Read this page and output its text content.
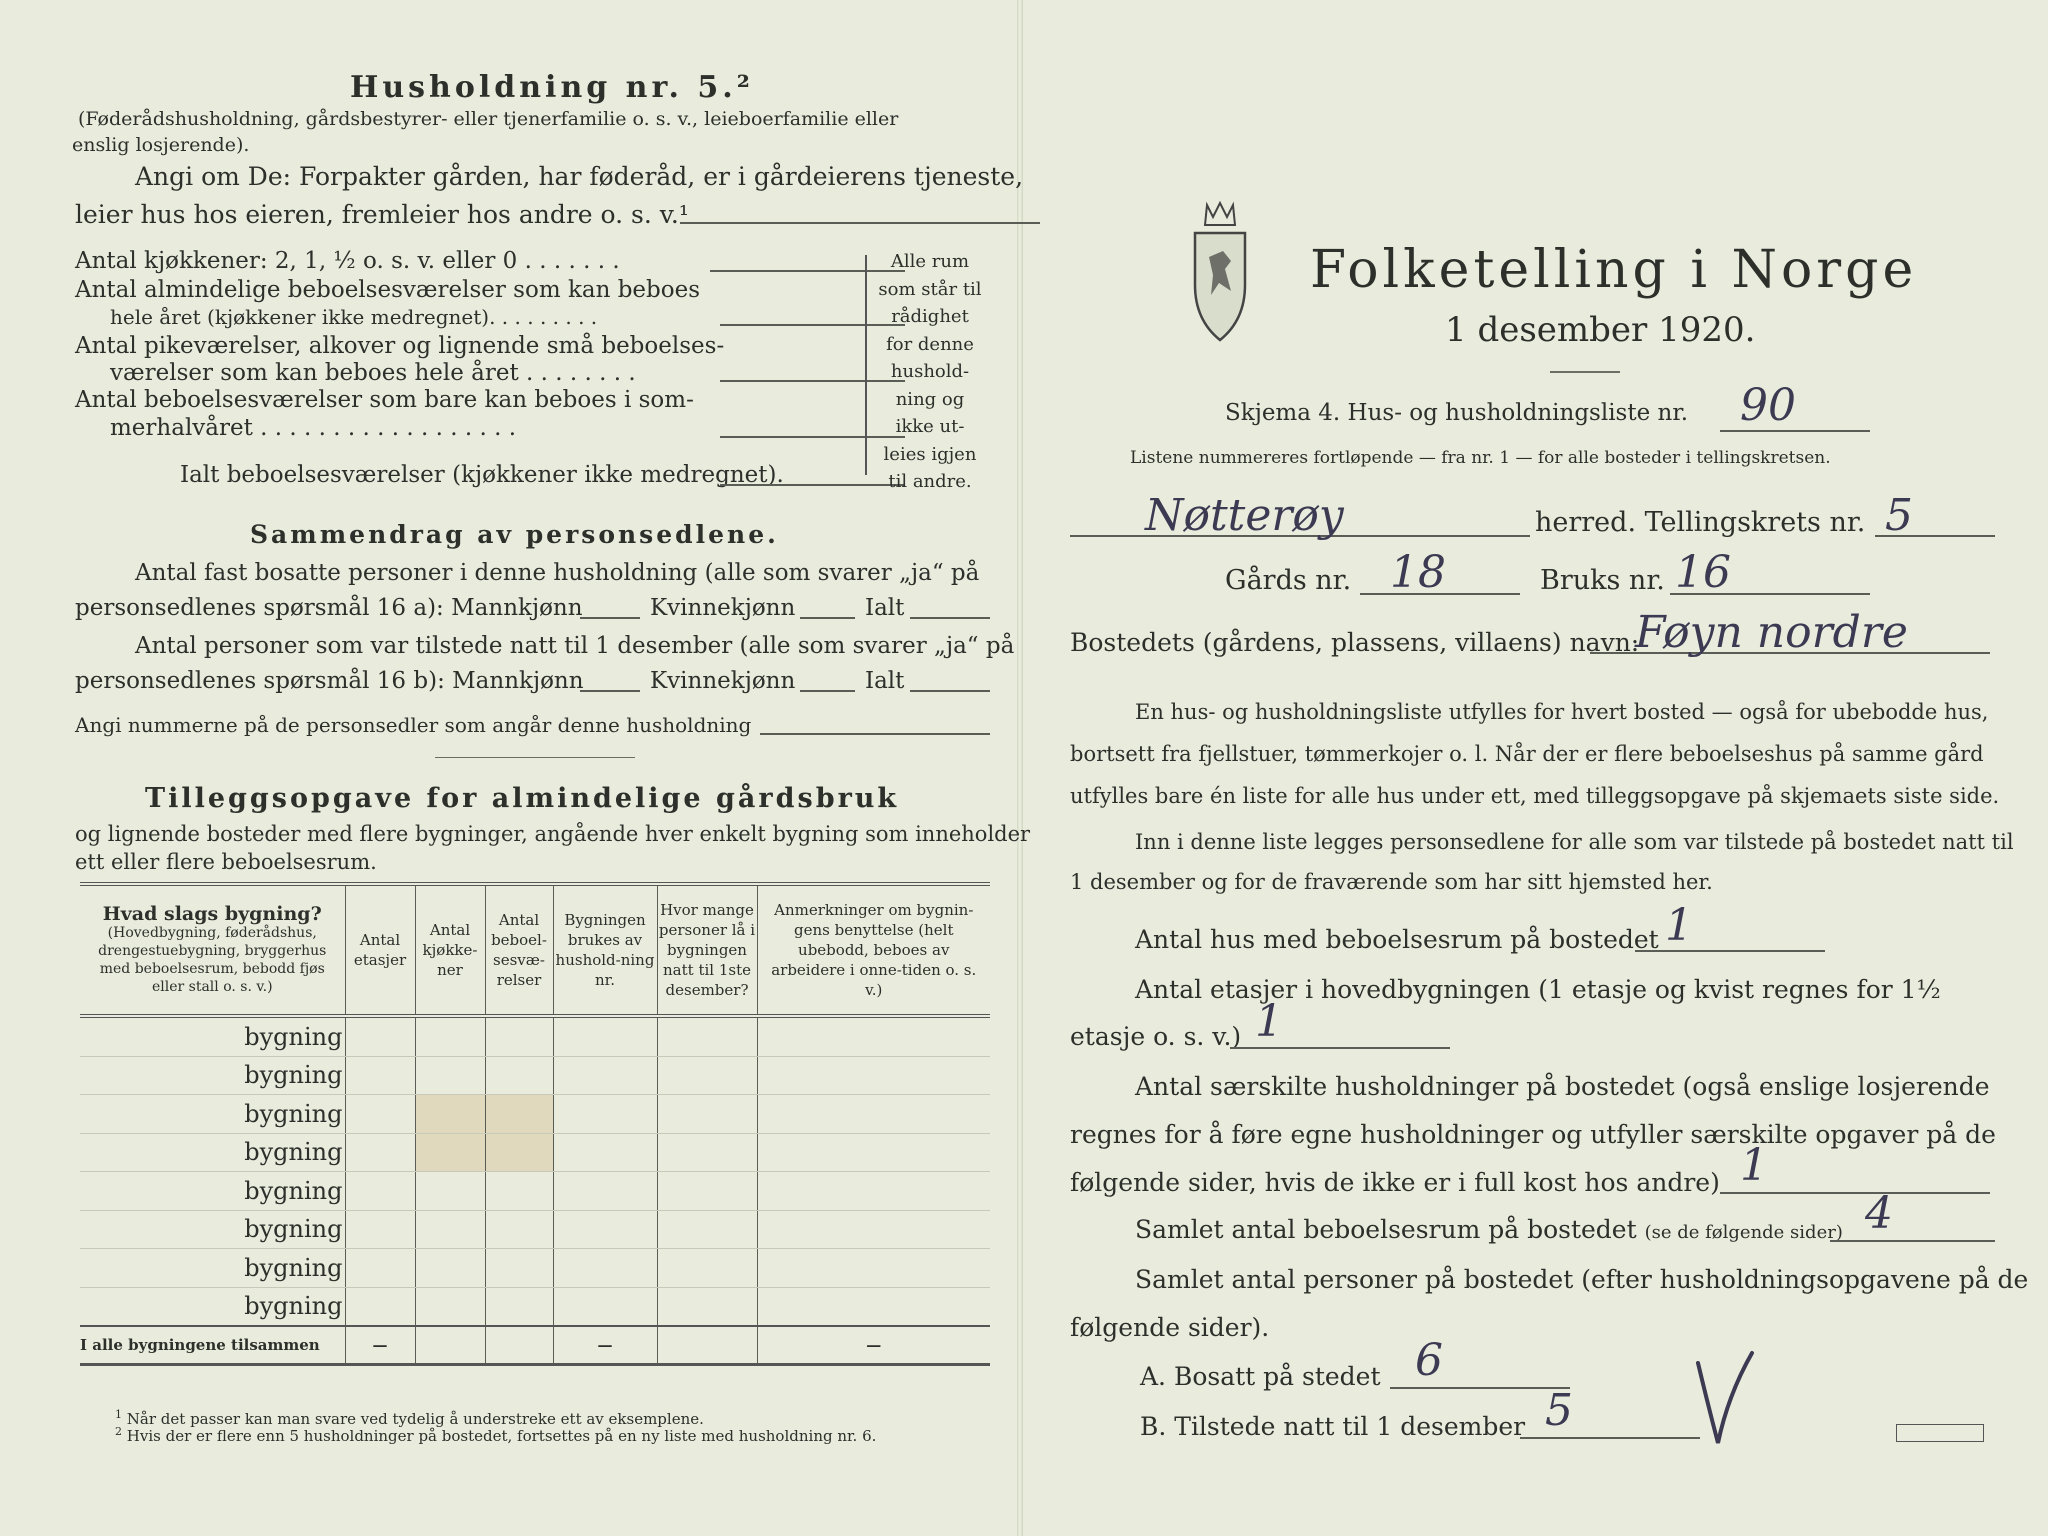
Husholdning nr. 5.²
(Føderådshusholdning, gårdsbestyrer- eller tjenerfamilie o. s. v., leieboerfamilie eller
enslig losjerende).
Angi om De: Forpakter gården, har føderåd, er i gårdeierens tjeneste,
leier hus hos eieren, fremleier hos andre o. s. v.¹
Antal kjøkkener: 2, 1, ½ o. s. v. eller 0 . . . . . . .
Antal almindelige beboelsesværelser som kan beboes
hele året (kjøkkener ikke medregnet). . . . . . . . .
Antal pikeværelser, alkover og lignende små beboelses-
værelser som kan beboes hele året . . . . . . . .
Antal beboelsesværelser som bare kan beboes i som-
merhalvåret . . . . . . . . . . . . . . . . . .
Ialt beboelsesværelser (kjøkkener ikke medregnet).
Alle rum
som står til
rådighet
for denne
hushold-
ning og
ikke ut-
leies igjen
til andre.
Sammendrag av personsedlene.
Antal fast bosatte personer i denne husholdning (alle som svarer „ja“ på
personsedlenes spørsmål 16 a): Mannkjønn	Kvinnekjønn	Ialt
Antal personer som var tilstede natt til 1 desember (alle som svarer „ja“ på
personsedlenes spørsmål 16 b): Mannkjønn	Kvinnekjønn	Ialt
Angi nummerne på de personsedler som angår denne husholdning
Tilleggsopgave for almindelige gårdsbruk
og lignende bosteder med flere bygninger, angående hver enkelt bygning som inneholder
ett eller flere beboelsesrum.
Hvad slags bygning?
(Hovedbygning, føderådshus, drengestuebygning, bryggerhus med beboelsesrum, bebodd fjøs eller stall o. s. v.)	Antal etasjer	Antal kjøkke-ner	Antal beboel-sesvæ-relser	Bygningen brukes av hushold-ning nr.	Hvor mange personer lå i bygningen natt til 1ste desember?	Anmerkninger om bygnin-gens benyttelse (helt ubebodd, beboes av arbeidere i onne-tiden o. s. v.)
bygning						
bygning						
bygning						
bygning						
bygning						
bygning						
bygning						
bygning						
I alle bygningene tilsammen	—			—		—
$^1$ Når det passer kan man svare ved tydelig å understreke ett av eksemplene.
$^2$ Hvis der er flere enn 5 husholdninger på bostedet, fortsettes på en ny liste med husholdning nr. 6.
Folketelling i Norge
1 desember 1920.
Skjema 4. Hus- og husholdningsliste nr. 90
Listene nummereres fortløpende — fra nr. 1 — for alle bosteder i tellingskretsen.
Nøtterøy	herred. Tellingskrets nr. 5
Gårds nr. 18	Bruks nr. 16
Bostedets (gårdens, plassens, villaens) navn:
Føyn nordre
En hus- og husholdningsliste utfylles for hvert bosted — også for ubebodde hus,
bortsett fra fjellstuer, tømmerkojer o. l. Når der er flere beboelseshus på samme gård
utfylles bare én liste for alle hus under ett, med tilleggsopgave på skjemaets siste side.
Inn i denne liste legges personsedlene for alle som var tilstede på bostedet natt til
1 desember og for de fraværende som har sitt hjemsted her.
Antal hus med beboelsesrum på bostedet 1
Antal etasjer i hovedbygningen (1 etasje og kvist regnes for 1½
etasje o. s. v.) 1
Antal særskilte husholdninger på bostedet (også enslige losjerende
regnes for å føre egne husholdninger og utfyller særskilte opgaver på de
følgende sider, hvis de ikke er i full kost hos andre) 1
Samlet antal beboelsesrum på bostedet (se de følgende sider) 4
Samlet antal personer på bostedet (efter husholdningsopgavene på de
følgende sider).
A. Bosatt på stedet 6
B. Tilstede natt til 1 desember 5
